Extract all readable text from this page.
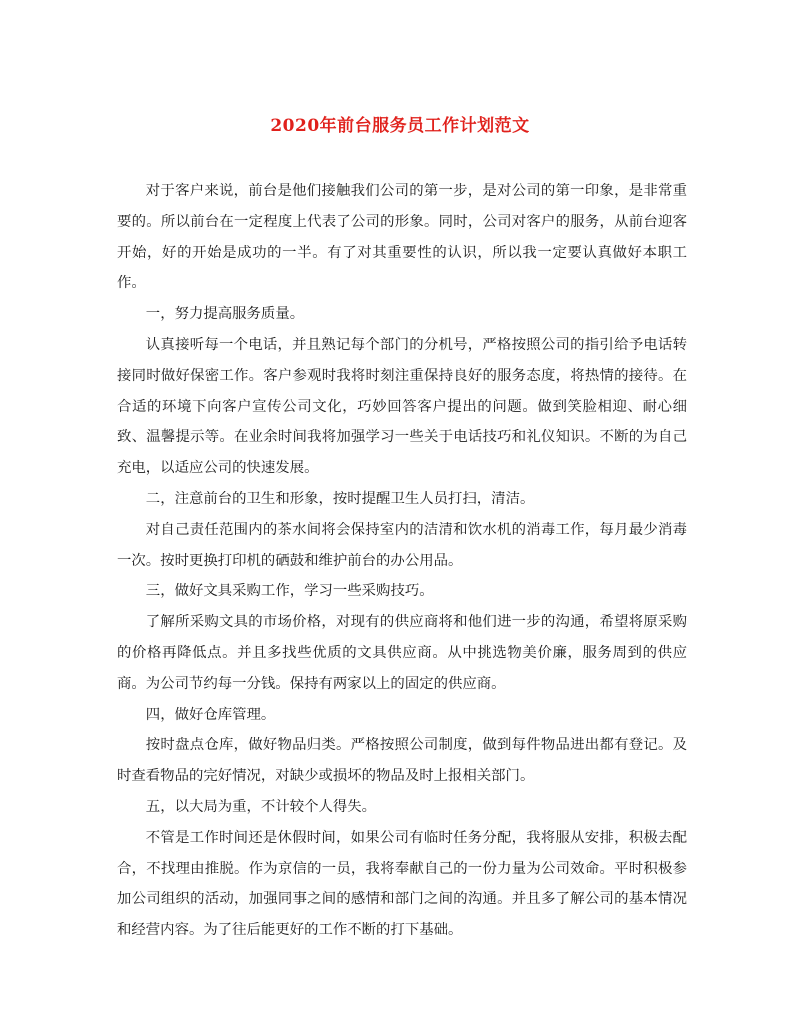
2020年前台服务员工作计划范文

对于客户来说，前台是他们接触我们公司的第一步，是对公司的第一印象，是非常重要的。所以前台在一定程度上代表了公司的形象。同时，公司对客户的服务，从前台迎客开始，好的开始是成功的一半。有了对其重要性的认识，所以我一定要认真做好本职工作。

一，努力提高服务质量。

认真接听每一个电话，并且熟记每个部门的分机号，严格按照公司的指引给予电话转接同时做好保密工作。客户参观时我将时刻注重保持良好的服务态度，将热情的接待。在合适的环境下向客户宣传公司文化，巧妙回答客户提出的问题。做到笑脸相迎、耐心细致、温馨提示等。在业余时间我将加强学习一些关于电话技巧和礼仪知识。不断的为自己充电，以适应公司的快速发展。

二，注意前台的卫生和形象，按时提醒卫生人员打扫，清洁。

对自己责任范围内的茶水间将会保持室内的洁清和饮水机的消毒工作，每月最少消毒一次。按时更换打印机的硒鼓和维护前台的办公用品。

三，做好文具采购工作，学习一些采购技巧。

了解所采购文具的市场价格，对现有的供应商将和他们进一步的沟通，希望将原采购的价格再降低点。并且多找些优质的文具供应商。从中挑选物美价廉，服务周到的供应商。为公司节约每一分钱。保持有两家以上的固定的供应商。

四，做好仓库管理。

按时盘点仓库，做好物品归类。严格按照公司制度，做到每件物品进出都有登记。及时查看物品的完好情况，对缺少或损坏的物品及时上报相关部门。

五，以大局为重，不计较个人得失。

不管是工作时间还是休假时间，如果公司有临时任务分配，我将服从安排，积极去配合，不找理由推脱。作为京信的一员，我将奉献自己的一份力量为公司效命。平时积极参加公司组织的活动，加强同事之间的感情和部门之间的沟通。并且多了解公司的基本情况和经营内容。为了往后能更好的工作不断的打下基础。
